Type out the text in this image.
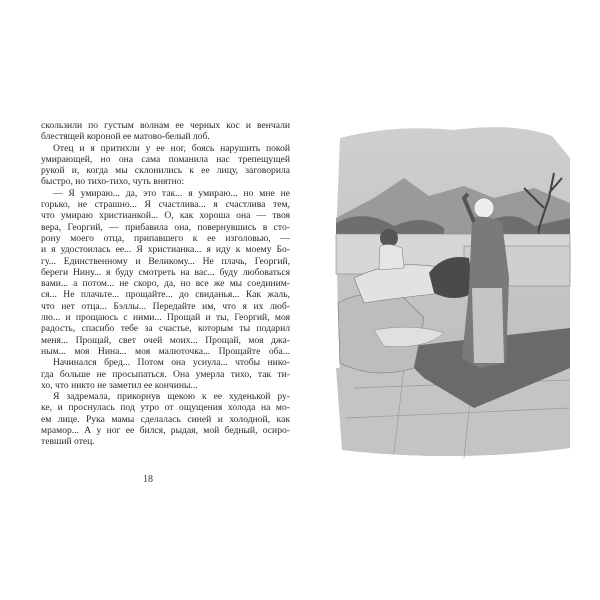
скользили по густым волнам ее черных кос и венчали
блестящей короной ее матово-белый лоб.
Отец и я притихли у ее ног, боясь нарушить покой
умирающей, но она сама поманила нас трепещущей
рукой и, когда мы склонились к ее лицу, заговорила
быстро, но тихо-тихо, чуть внятно:
— Я умираю... да, это так... я умираю... но мне не
горько, не страшно... Я счастлива... я счастлива тем,
что умираю христианкой... О, как хороша она — твоя
вера, Георгий, — прибавила она, повернувшись в сто-
рону моего отца, припавшего к ее изголовью, —
и я удостоилась ее... Я христианка... я иду к моему Бо-
гу... Единственному и Великому... Не плачь, Георгий,
береги Нину... я буду смотреть на вас... буду любоваться
вами... а потом... не скоро, да, но все же мы соединим-
ся... Не плачьте... прощайте... до свиданья... Как жаль,
что нет отца... Бэллы... Передайте им, что я их люб-
лю... и прощаюсь с ними... Прощай и ты, Георгий, моя
радость, спасибо тебе за счастье, которым ты подарил
меня... Прощай, свет очей моих... Прощай, моя джа-
ным... моя Нина... моя малюточка... Прощайте оба...
Начинался бред... Потом она уснула... чтобы нико-
гда больше не просыпаться. Она умерла тихо, так ти-
хо, что никто не заметил ее кончины...
Я задремала, прикорнув щекою к ее худенькой ру-
ке, и проснулась под утро от ощущения холода на мо-
ем лице. Рука мамы сделалась синей и холодной, как
мрамор... А у ног ее бился, рыдая, мой бедный, осиро-
тевший отец.
18
